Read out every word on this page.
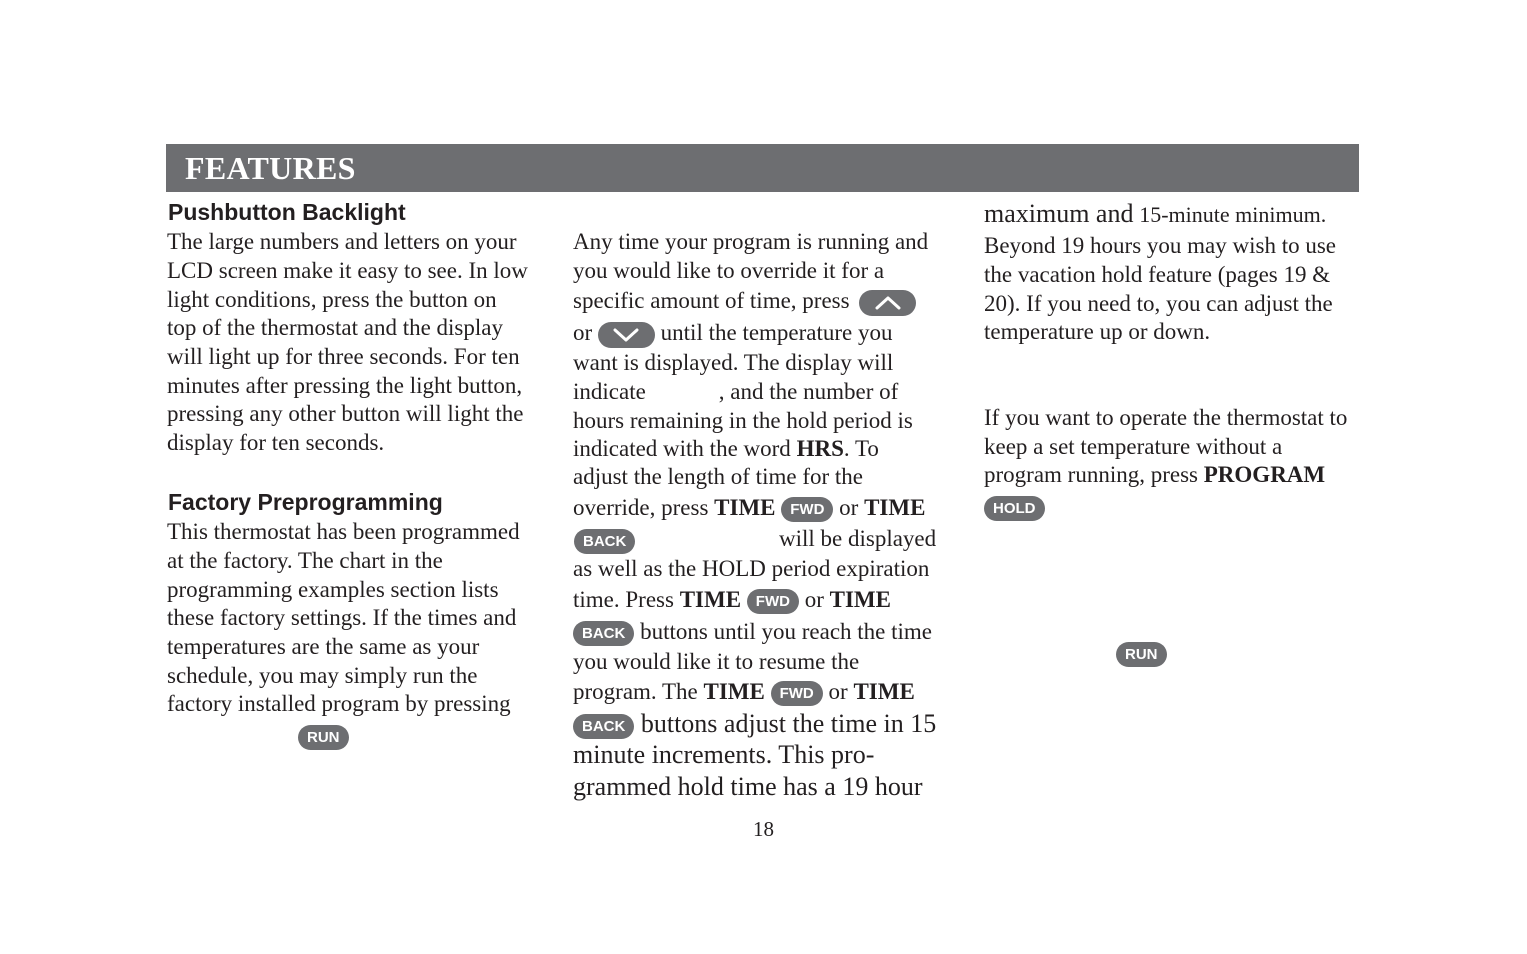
FEATURES
Pushbutton Backlight
The large numbers and letters on your
LCD screen make it easy to see. In low
light conditions, press the button on
top of the thermostat and the display
will light up for three seconds. For ten
minutes after pressing the light button,
pressing any other button will light the
display for ten seconds.
Factory Preprogramming
This thermostat has been programmed
at the factory. The chart in the
programming examples section lists
these factory settings. If the times and
temperatures are the same as your
schedule, you may simply run the
factory installed program by pressing
RUN
Any time your program is running and
you would like to override it for a
specific amount of time, press
or	until the temperature you
want is displayed. The display will
indicate	, and the number of
hours remaining in the hold period is
indicated with the word HRS. To
adjust the length of time for the
override, press TIME FWD or TIME
BACK	will be displayed
as well as the HOLD period expiration
time. Press TIME FWD or TIME
BACK buttons until you reach the time
you would like it to resume the
program. The TIME FWD or TIME
BACK buttons adjust the time in 15
minute increments. This pro-
grammed hold time has a 19 hour
maximum and 15-minute minimum.
Beyond 19 hours you may wish to use
the vacation hold feature (pages 19 &
20). If you need to, you can adjust the
temperature up or down.
If you want to operate the thermostat to
keep a set temperature without a
program running, press PROGRAM
HOLD
RUN
18
